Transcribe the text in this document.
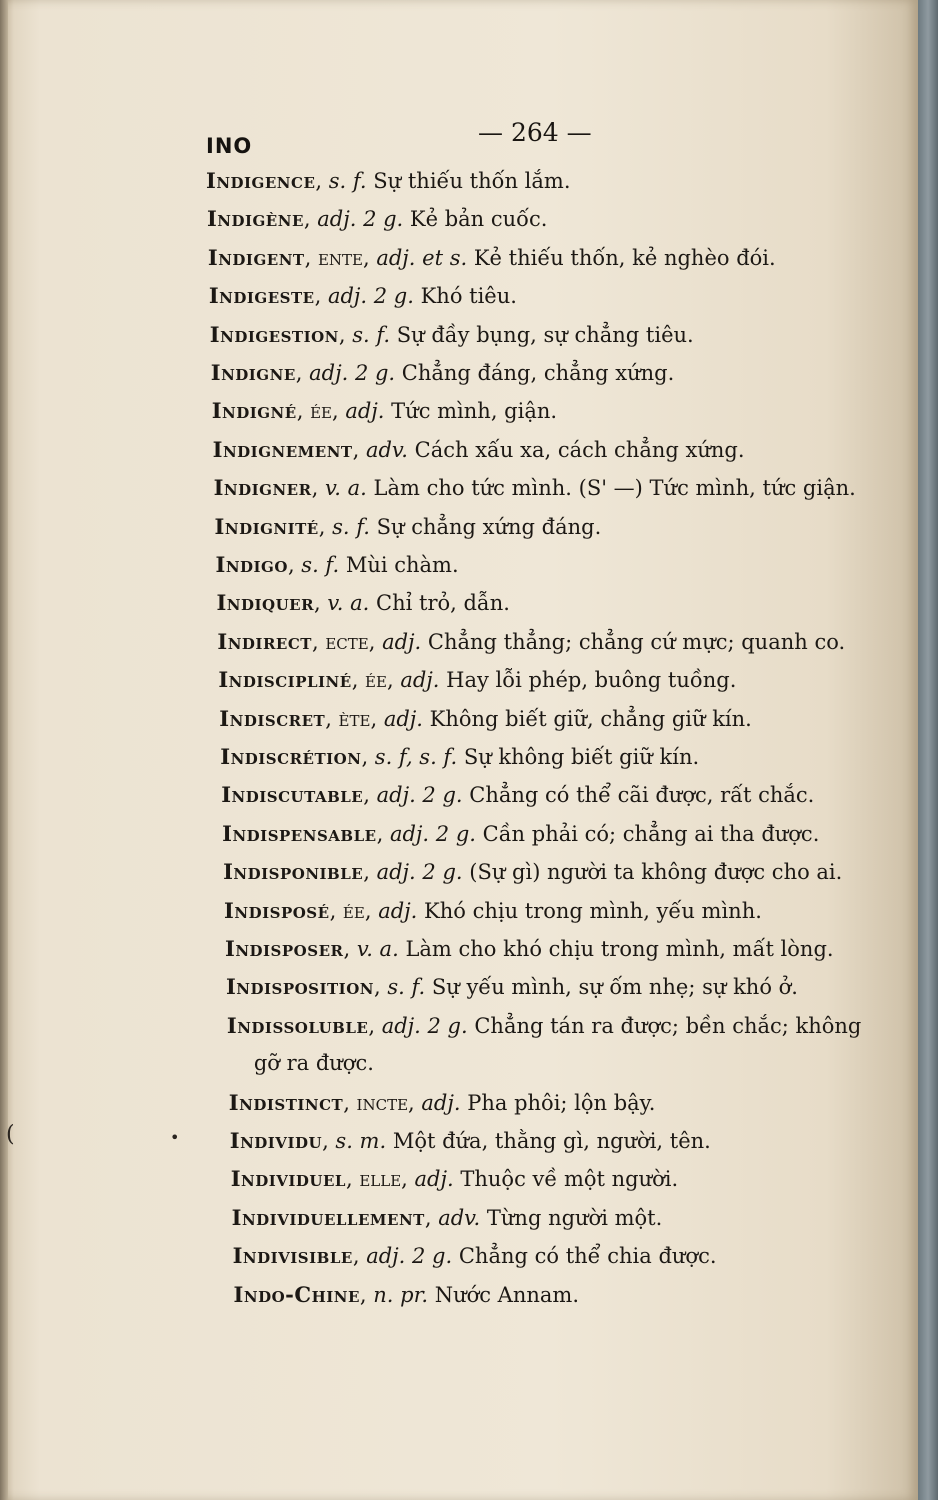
INO	— 264 —
(	•
Indigence, s. f. Sự thiếu thốn lắm.
Indigène, adj. 2 g. Kẻ bản cuốc.
Indigent, ente, adj. et s. Kẻ thiếu thốn, kẻ nghèo đói.
Indigeste, adj. 2 g. Khó tiêu.
Indigestion, s. f. Sự đầy bụng, sự chẳng tiêu.
Indigne, adj. 2 g. Chẳng đáng, chẳng xứng.
Indigné, ée, adj. Tức mình, giận.
Indignement, adv. Cách xấu xa, cách chẳng xứng.
Indigner, v. a. Làm cho tức mình. (S' —) Tức mình, tức giận.
Indignité, s. f. Sự chẳng xứng đáng.
Indigo, s. f. Mùi chàm.
Indiquer, v. a. Chỉ trỏ, dẫn.
Indirect, ecte, adj. Chẳng thẳng; chẳng cứ mực; quanh co.
Indiscipliné, ée, adj. Hay lỗi phép, buông tuồng.
Indiscret, ète, adj. Không biết giữ, chẳng giữ kín.
Indiscrétion, s. f, s. f. Sự không biết giữ kín.
Indiscutable, adj. 2 g. Chẳng có thể cãi được, rất chắc.
Indispensable, adj. 2 g. Cần phải có; chẳng ai tha được.
Indisponible, adj. 2 g. (Sự gì) người ta không được cho ai.
Indisposé, ée, adj. Khó chịu trong mình, yếu mình.
Indisposer, v. a. Làm cho khó chịu trong mình, mất lòng.
Indisposition, s. f. Sự yếu mình, sự ốm nhẹ; sự khó ở.
Indissoluble, adj. 2 g. Chẳng tán ra được; bền chắc; không
gỡ ra được.
Indistinct, incte, adj. Pha phôi; lộn bậy.
Individu, s. m. Một đứa, thằng gì, người, tên.
Individuel, elle, adj. Thuộc về một người.
Individuellement, adv. Từng người một.
Indivisible, adj. 2 g. Chẳng có thể chia được.
Indo-Chine, n. pr. Nước Annam.
